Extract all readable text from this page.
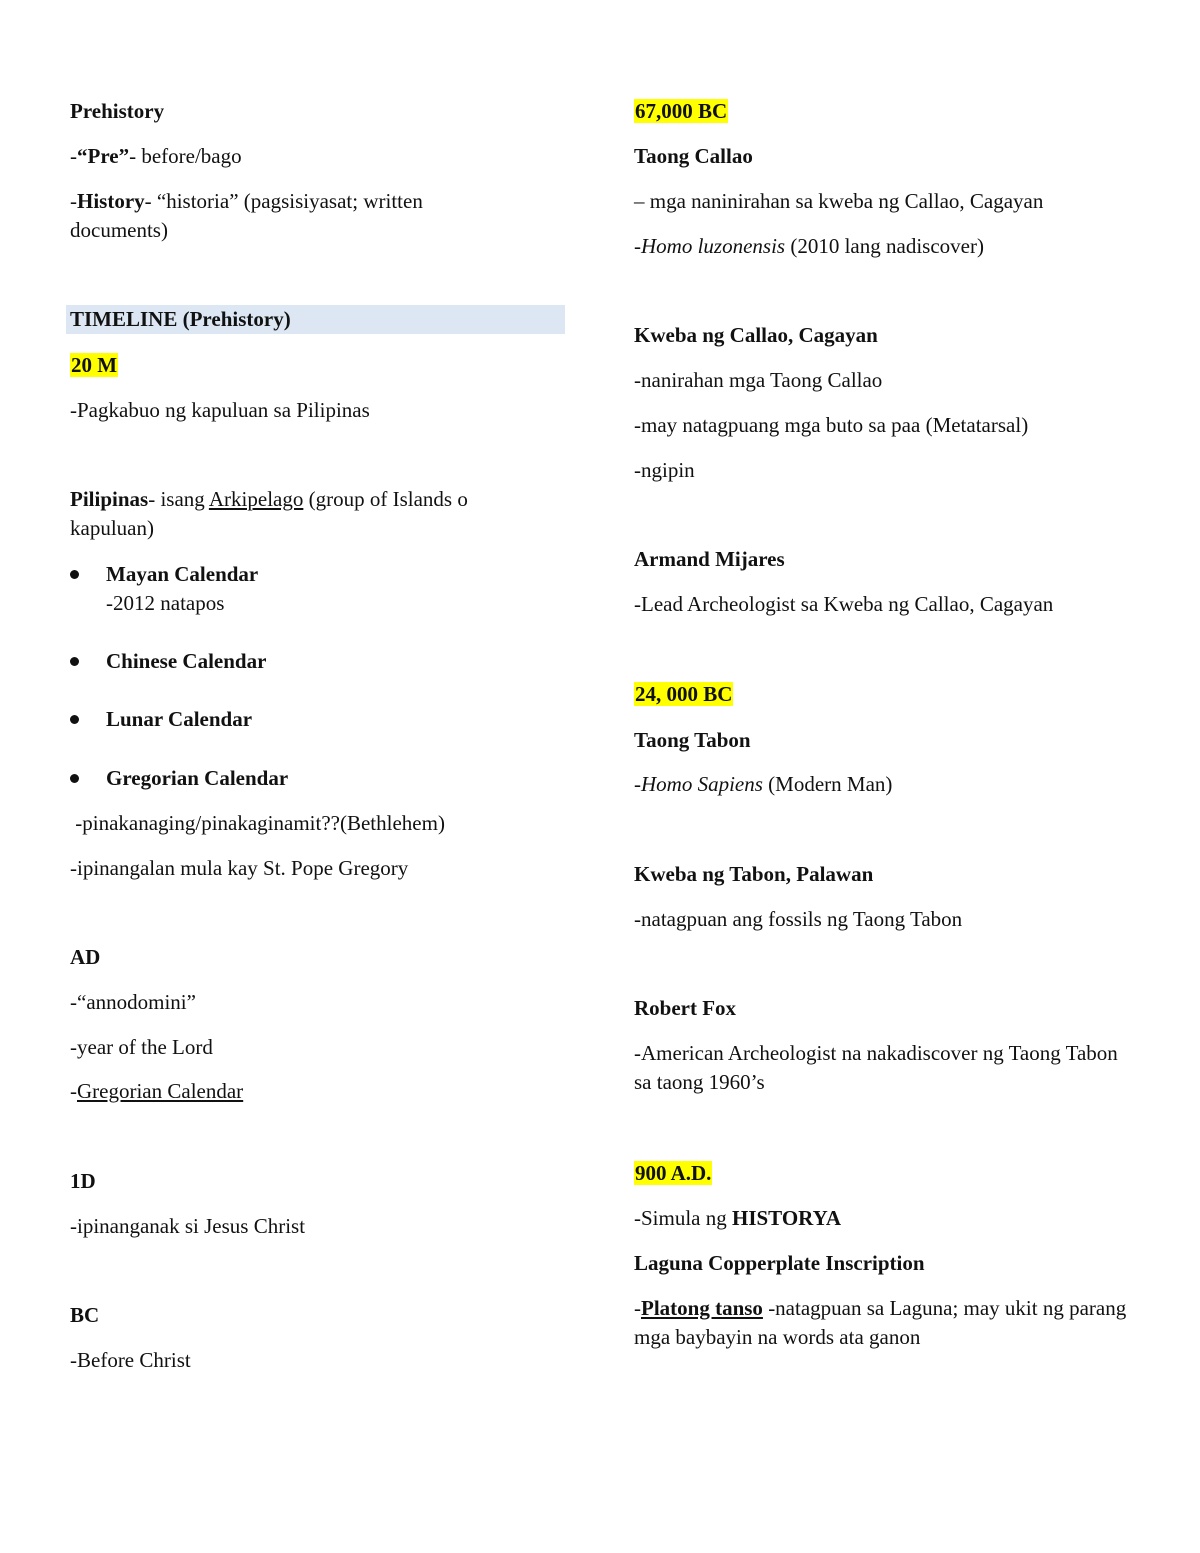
Prehistory
-“Pre”- before/bago
-History- “historia” (pagsisiyasat; written documents)
TIMELINE (Prehistory)
20 M
-Pagkabuo ng kapuluan sa Pilipinas
Pilipinas- isang Arkipelago (group of Islands o kapuluan)
Mayan Calendar
-2012 natapos
Chinese Calendar
Lunar Calendar
Gregorian Calendar
-pinakanaging/pinakaginamit??(Bethlehem)
-ipinangalan mula kay St. Pope Gregory
AD
-“annodomini”
-year of the Lord
-Gregorian Calendar
1D
-ipinanganak si Jesus Christ
BC
-Before Christ
67,000 BC
Taong Callao
– mga naninirahan sa kweba ng Callao, Cagayan
-Homo luzonensis (2010 lang nadiscover)
Kweba ng Callao, Cagayan
-nanirahan mga Taong Callao
-may natagpuang mga buto sa paa (Metatarsal)
-ngipin
Armand Mijares
-Lead Archeologist sa Kweba ng Callao, Cagayan
24, 000 BC
Taong Tabon
-Homo Sapiens (Modern Man)
Kweba ng Tabon, Palawan
-natagpuan ang fossils ng Taong Tabon
Robert Fox
-American Archeologist na nakadiscover ng Taong Tabon sa taong 1960’s
900 A.D.
-Simula ng HISTORYA
Laguna Copperplate Inscription
-Platong tanso -natagpuan sa Laguna; may ukit ng parang mga baybayin na words ata ganon
